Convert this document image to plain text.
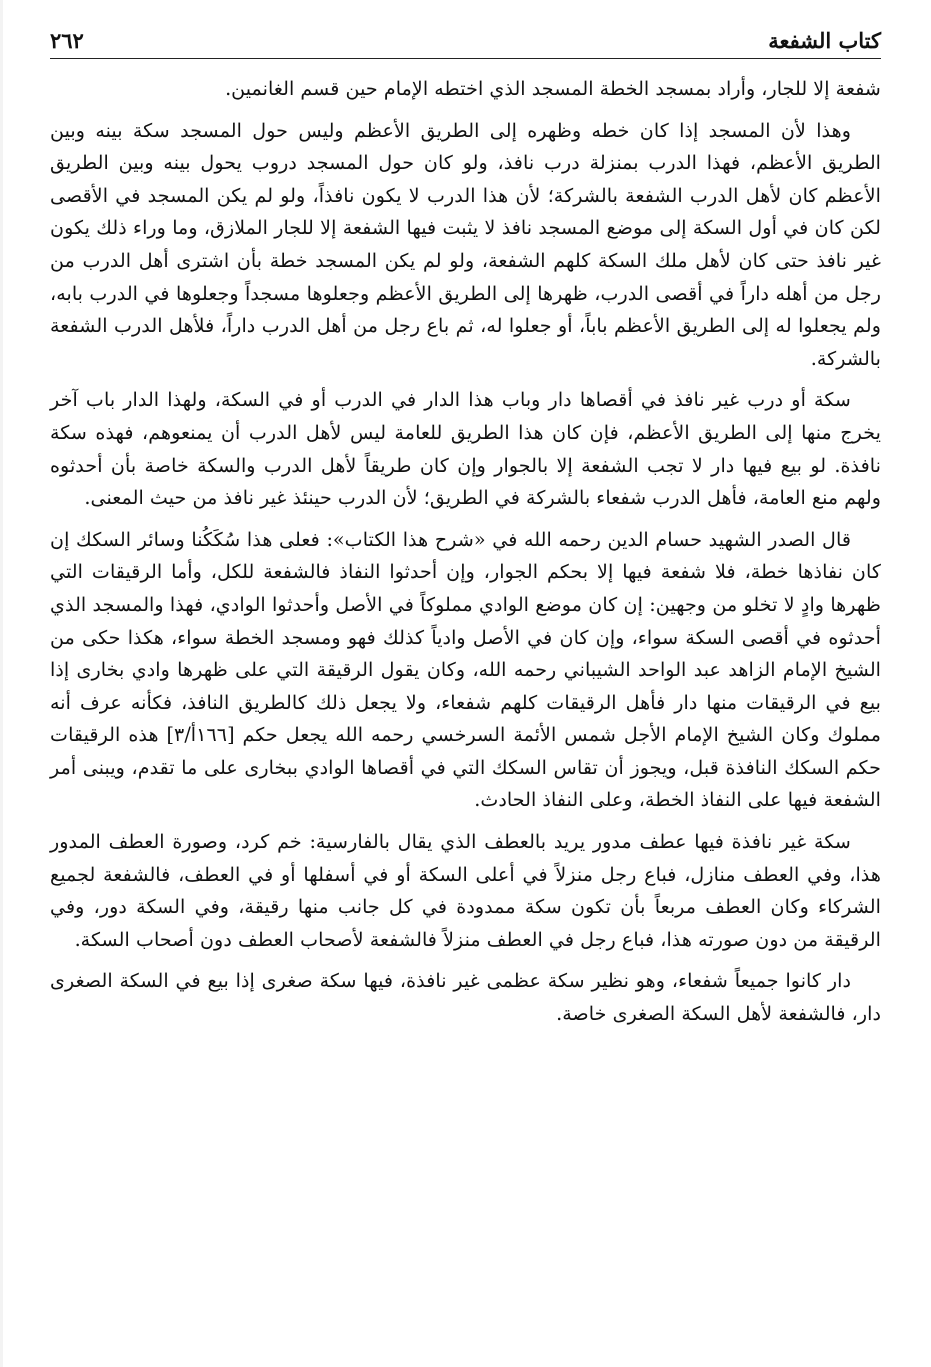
كتاب الشفعة
٢٦٢

شفعة إلا للجار، وأراد بمسجد الخطة المسجد الذي اختطه الإمام حين قسم الغانمين.

وهذا لأن المسجد إذا كان خطه وظهره إلى الطريق الأعظم وليس حول المسجد سكة بينه وبين الطريق الأعظم، فهذا الدرب بمنزلة درب نافذ، ولو كان حول المسجد دروب يحول بينه وبين الطريق الأعظم كان لأهل الدرب الشفعة بالشركة؛ لأن هذا الدرب لا يكون نافذاً، ولو لم يكن المسجد في الأقصى لكن كان في أول السكة إلى موضع المسجد نافذ لا يثبت فيها الشفعة إلا للجار الملازق، وما وراء ذلك يكون غير نافذ حتى كان لأهل ملك السكة كلهم الشفعة، ولو لم يكن المسجد خطة بأن اشترى أهل الدرب من رجل من أهله داراً في أقصى الدرب، ظهرها إلى الطريق الأعظم وجعلوها مسجداً وجعلوها في الدرب بابه، ولم يجعلوا له إلى الطريق الأعظم باباً، أو جعلوا له، ثم باع رجل من أهل الدرب داراً، فلأهل الدرب الشفعة بالشركة.

سكة أو درب غير نافذ في أقصاها دار وباب هذا الدار في الدرب أو في السكة، ولهذا الدار باب آخر يخرج منها إلى الطريق الأعظم، فإن كان هذا الطريق للعامة ليس لأهل الدرب أن يمنعوهم، فهذه سكة نافذة. لو بيع فيها دار لا تجب الشفعة إلا بالجوار وإن كان طريقاً لأهل الدرب والسكة خاصة بأن أحدثوه ولهم منع العامة، فأهل الدرب شفعاء بالشركة في الطريق؛ لأن الدرب حينئذ غير نافذ من حيث المعنى.

قال الصدر الشهيد حسام الدين رحمه الله في «شرح هذا الكتاب»: فعلى هذا سُكَكُنا وسائر السكك إن كان نفاذها خطة، فلا شفعة فيها إلا بحكم الجوار، وإن أحدثوا النفاذ فالشفعة للكل، وأما الرقيقات التي ظهرها وادٍ لا تخلو من وجهين: إن كان موضع الوادي مملوكاً في الأصل وأحدثوا الوادي، فهذا والمسجد الذي أحدثوه في أقصى السكة سواء، وإن كان في الأصل وادياً كذلك فهو ومسجد الخطة سواء، هكذا حكى من الشيخ الإمام الزاهد عبد الواحد الشيباني رحمه الله، وكان يقول الرقيقة التي على ظهرها وادي بخارى إذا بيع في الرقيقات منها دار فأهل الرقيقات كلهم شفعاء، ولا يجعل ذلك كالطريق النافذ، فكأنه عرف أنه مملوك وكان الشيخ الإمام الأجل شمس الأئمة السرخسي رحمه الله يجعل حكم [١٦٦أ/٣] هذه الرقيقات حكم السكك النافذة قبل، ويجوز أن تقاس السكك التي في أقصاها الوادي ببخارى على ما تقدم، ويبنى أمر الشفعة فيها على النفاذ الخطة، وعلى النفاذ الحادث.

سكة غير نافذة فيها عطف مدور يريد بالعطف الذي يقال بالفارسية: خم كرد، وصورة العطف المدور هذا، وفي العطف منازل، فباع رجل منزلاً في أعلى السكة أو في أسفلها أو في العطف، فالشفعة لجميع الشركاء وكان العطف مربعاً بأن تكون سكة ممدودة في كل جانب منها رقيقة، وفي السكة دور، وفي الرقيقة من دون صورته هذا، فباع رجل في العطف منزلاً فالشفعة لأصحاب العطف دون أصحاب السكة.

دار كانوا جميعاً شفعاء، وهو نظير سكة عظمى غير نافذة، فيها سكة صغرى إذا بيع في السكة الصغرى دار، فالشفعة لأهل السكة الصغرى خاصة.
